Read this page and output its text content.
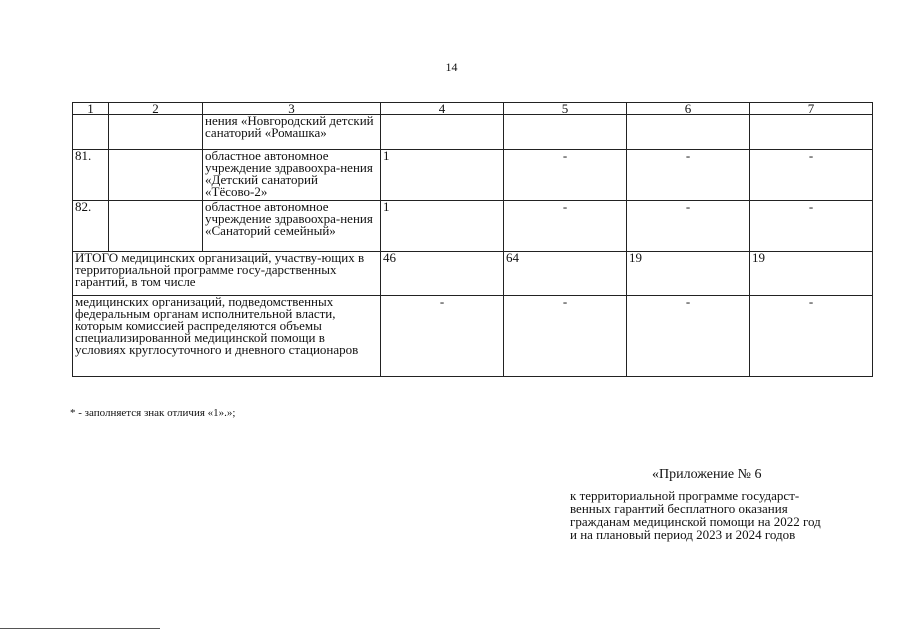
14
1	2	3	4	5	6	7
		нения «Новгородский детский санаторий «Ромашка»				
81.		областное автономное учреждение здравоохра-нения «Детский санаторий «Тёсово-2»	1	-	-	-
82.		областное автономное учреждение здравоохра-нения «Санаторий семейный»	1	-	-	-
ИТОГО медицинских организаций, участву-ющих в территориальной программе госу-дарственных гарантий, в том числе			46	64	19	19
медицинских организаций, подведомственных федеральным органам исполнительной власти, которым комиссией распределяются объемы специализированной медицинской помощи в условиях круглосуточного и дневного стационаров			-	-	-	-
* - заполняется знак отличия «1».»;
«Приложение № 6
к территориальной программе государст-
венных гарантий бесплатного оказания
гражданам медицинской помощи на 2022 год
и на плановый период 2023 и 2024 годов
